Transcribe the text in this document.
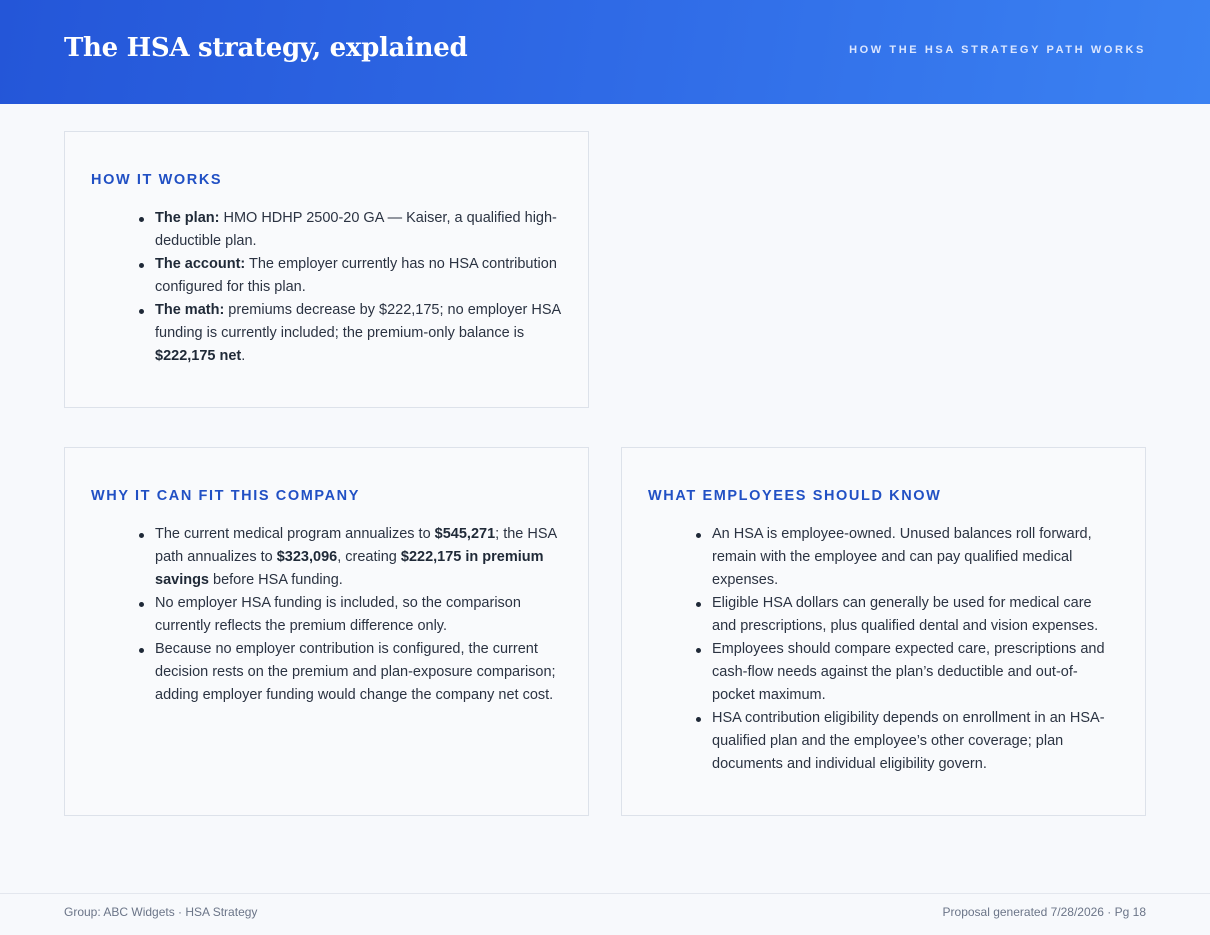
The HSA strategy, explained	HOW THE HSA STRATEGY PATH WORKS
HOW IT WORKS
The plan: HMO HDHP 2500-20 GA — Kaiser, a qualified high-deductible plan.
The account: The employer currently has no HSA contribution configured for this plan.
The math: premiums decrease by $222,175; no employer HSA funding is currently included; the premium-only balance is $222,175 net.
WHY IT CAN FIT THIS COMPANY
The current medical program annualizes to $545,271; the HSA path annualizes to $323,096, creating $222,175 in premium savings before HSA funding.
No employer HSA funding is included, so the comparison currently reflects the premium difference only.
Because no employer contribution is configured, the current decision rests on the premium and plan-exposure comparison; adding employer funding would change the company net cost.
WHAT EMPLOYEES SHOULD KNOW
An HSA is employee-owned. Unused balances roll forward, remain with the employee and can pay qualified medical expenses.
Eligible HSA dollars can generally be used for medical care and prescriptions, plus qualified dental and vision expenses.
Employees should compare expected care, prescriptions and cash-flow needs against the plan’s deductible and out-of-pocket maximum.
HSA contribution eligibility depends on enrollment in an HSA-qualified plan and the employee’s other coverage; plan documents and individual eligibility govern.
Group: ABC Widgets · HSA Strategy	Proposal generated 7/28/2026 · Pg 18
